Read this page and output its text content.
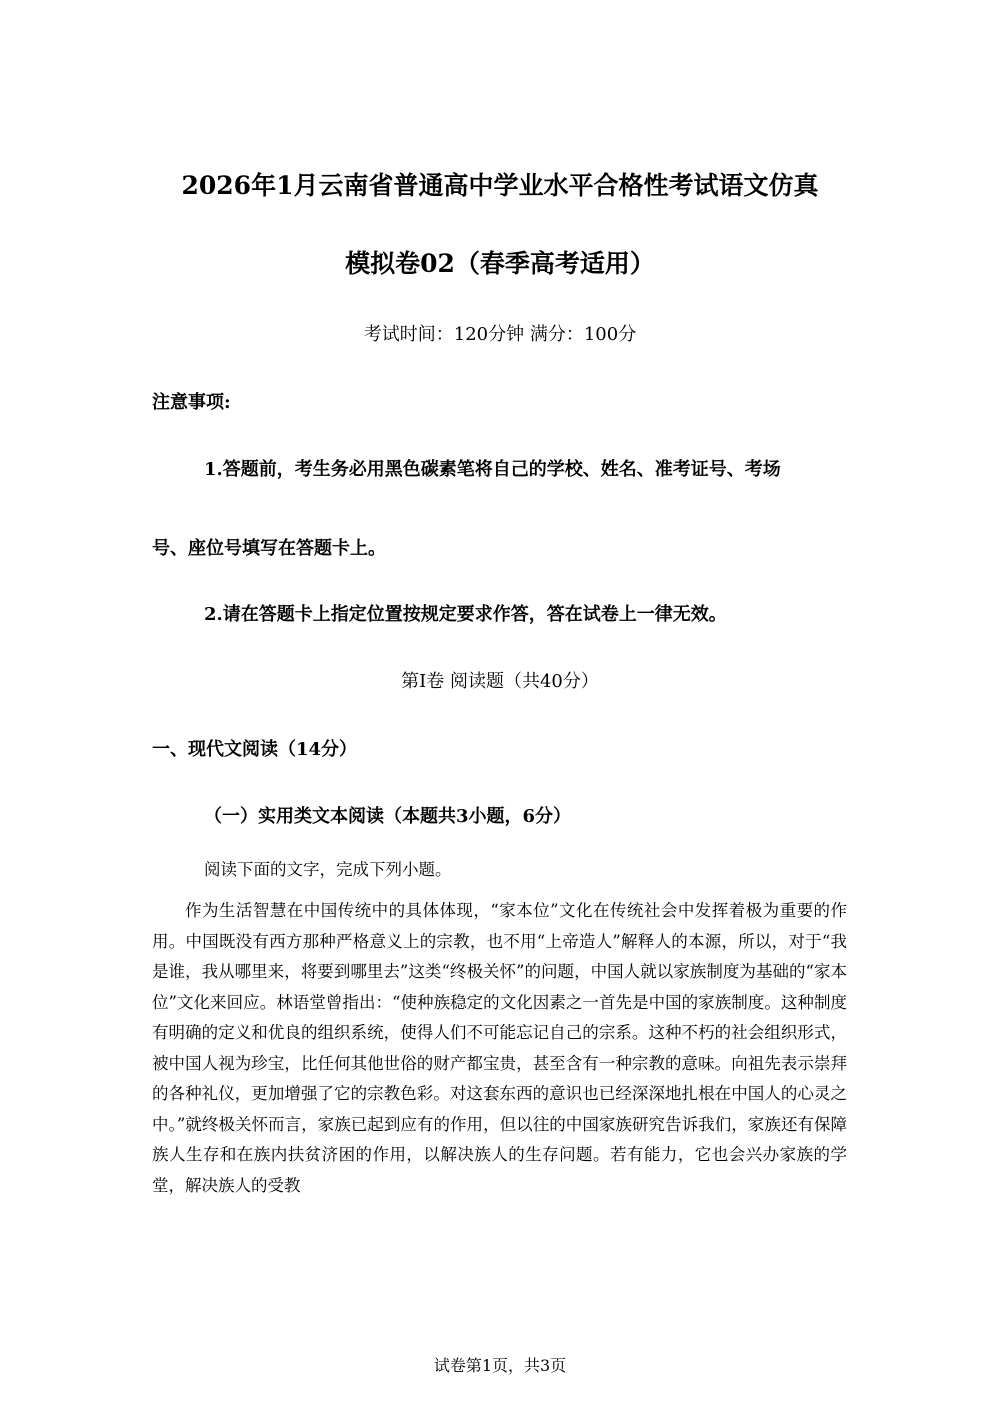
2026年1月云南省普通高中学业水平合格性考试语文仿真
模拟卷02（春季高考适用）
考试时间：120分钟 满分：100分
注意事项:
1.答题前，考生务必用黑色碳素笔将自己的学校、姓名、准考证号、考场
号、座位号填写在答题卡上。
2.请在答题卡上指定位置按规定要求作答，答在试卷上一律无效。
第I卷 阅读题（共40分）
一、现代文阅读（14分）
（一）实用类文本阅读（本题共3小题，6分）
阅读下面的文字，完成下列小题。

作为生活智慧在中国传统中的具体体现，“家本位”文化在传统社会中发挥着极为重要的作用。中国既没有西方那种严格意义上的宗教，也不用“上帝造人”解释人的本源，所以，对于“我是谁，我从哪里来，将要到哪里去”这类“终极关怀”的问题，中国人就以家族制度为基础的“家本位”文化来回应。林语堂曾指出：“使种族稳定的文化因素之一首先是中国的家族制度。这种制度有明确的定义和优良的组织系统，使得人们不可能忘记自己的宗系。这种不朽的社会组织形式，被中国人视为珍宝，比任何其他世俗的财产都宝贵，甚至含有一种宗教的意味。向祖先表示崇拜的各种礼仪，更加增强了它的宗教色彩。对这套东西的意识也已经深深地扎根在中国人的心灵之中。”就终极关怀而言，家族已起到应有的作用，但以往的中国家族研究告诉我们，家族还有保障族人生存和在族内扶贫济困的作用，以解决族人的生存问题。若有能力，它也会兴办家族的学堂，解决族人的受教

试卷第1页，共3页
